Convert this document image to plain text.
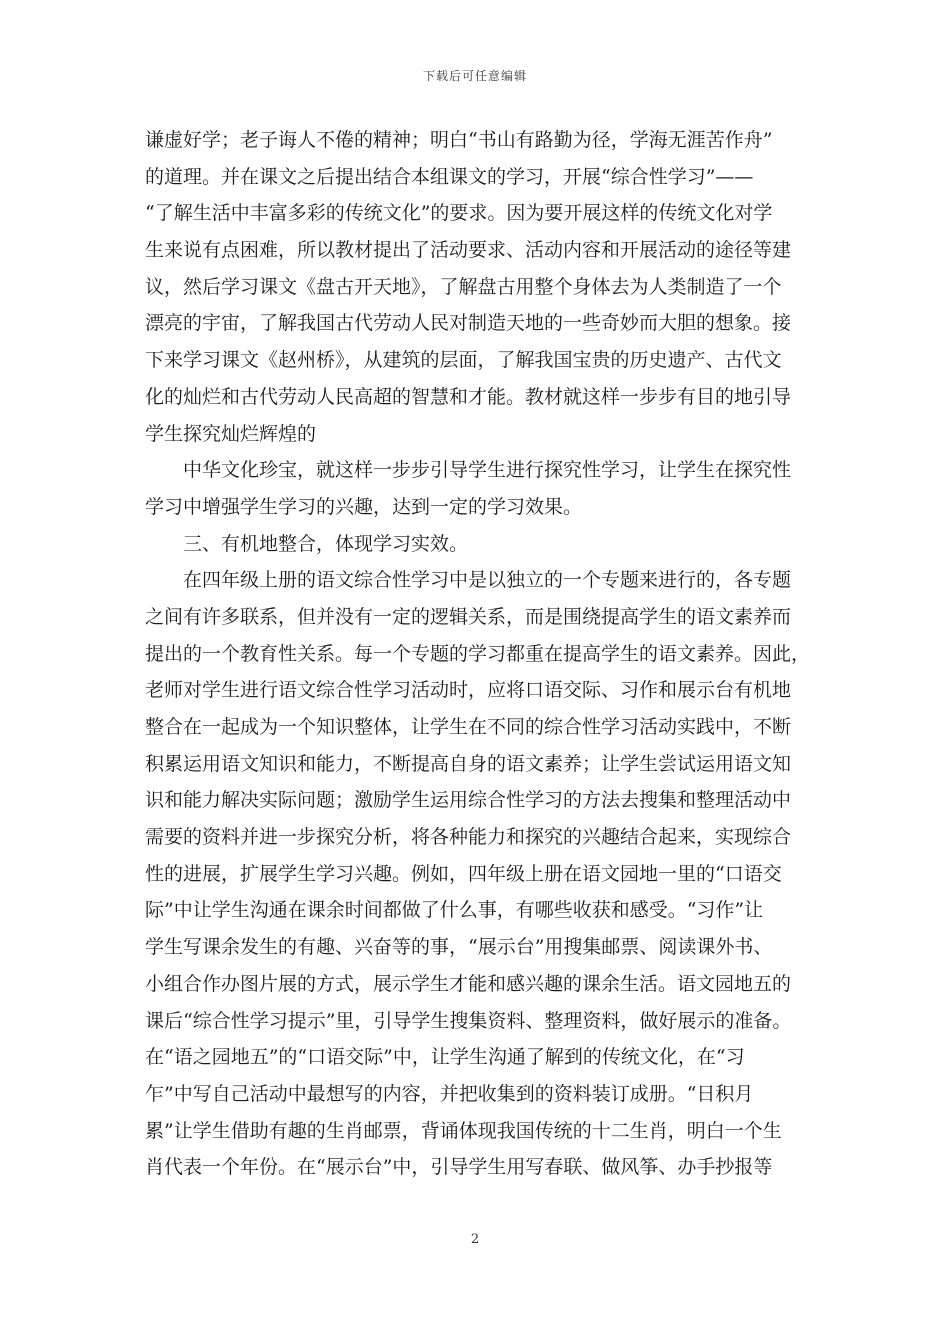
下载后可任意编辑
谦虚好学；老子诲人不倦的精神；明白“书山有路勤为径，学海无涯苦作舟”
的道理。并在课文之后提出结合本组课文的学习，开展“综合性学习”——
“了解生活中丰富多彩的传统文化”的要求。因为要开展这样的传统文化对学
生来说有点困难，所以教材提出了活动要求、活动内容和开展活动的途径等建
议，然后学习课文《盘古开天地》，了解盘古用整个身体去为人类制造了一个
漂亮的宇宙，了解我国古代劳动人民对制造天地的一些奇妙而大胆的想象。接
下来学习课文《赵州桥》，从建筑的层面，了解我国宝贵的历史遗产、古代文
化的灿烂和古代劳动人民高超的智慧和才能。教材就这样一步步有目的地引导
学生探究灿烂辉煌的
中华文化珍宝，就这样一步步引导学生进行探究性学习，让学生在探究性
学习中增强学生学习的兴趣，达到一定的学习效果。
三、有机地整合，体现学习实效。
在四年级上册的语文综合性学习中是以独立的一个专题来进行的，各专题
之间有许多联系，但并没有一定的逻辑关系，而是围绕提高学生的语文素养而
提出的一个教育性关系。每一个专题的学习都重在提高学生的语文素养。因此，
老师对学生进行语文综合性学习活动时，应将口语交际、习作和展示台有机地
整合在一起成为一个知识整体，让学生在不同的综合性学习活动实践中，不断
积累运用语文知识和能力，不断提高自身的语文素养；让学生尝试运用语文知
识和能力解决实际问题；激励学生运用综合性学习的方法去搜集和整理活动中
需要的资料并进一步探究分析，将各种能力和探究的兴趣结合起来，实现综合
性的进展，扩展学生学习兴趣。例如，四年级上册在语文园地一里的“口语交
际”中让学生沟通在课余时间都做了什么事，有哪些收获和感受。“习作”让
学生写课余发生的有趣、兴奋等的事，“展示台”用搜集邮票、阅读课外书、
小组合作办图片展的方式，展示学生才能和感兴趣的课余生活。语文园地五的
课后“综合性学习提示”里，引导学生搜集资料、整理资料，做好展示的准备。
在“语之园地五”的“口语交际”中，让学生沟通了解到的传统文化，在“习
乍”中写自己活动中最想写的内容，并把收集到的资料装订成册。“日积月
累”让学生借助有趣的生肖邮票，背诵体现我国传统的十二生肖，明白一个生
肖代表一个年份。在“展示台”中，引导学生用写春联、做风筝、办手抄报等
2
